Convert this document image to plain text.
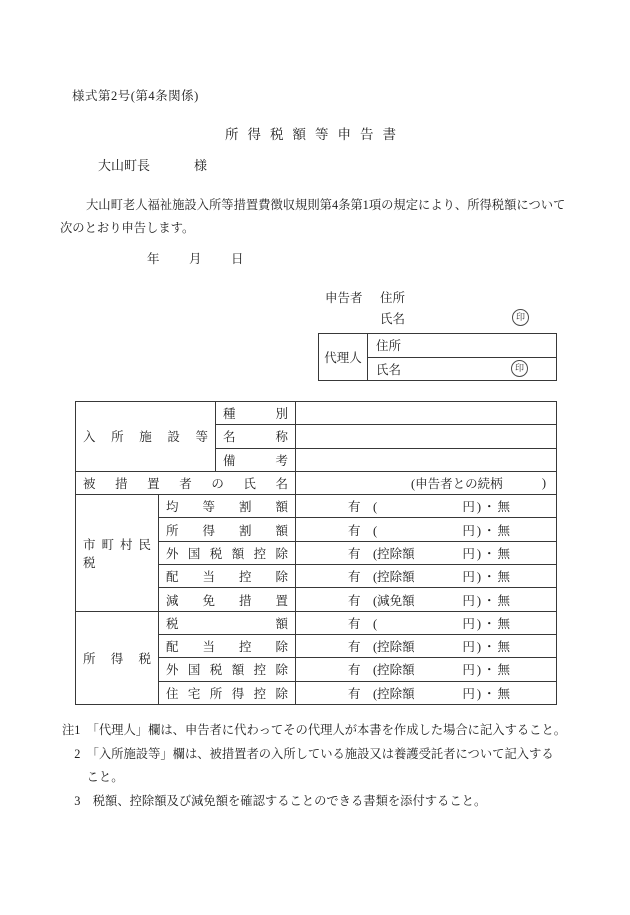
様式第2号(第4条関係)
所得税額等申告書
大山町長	様
大山町老人福祉施設入所等措置費徴収規則第4条第1項の規定により、所得税額について
次のとおり申告します。
年　　月　　日
申告者	住所
氏名	印
代理人	住所

氏名	印
入 所 施 設 等		種 別	
		名 称	
		備 考	
被 措 置 者 の 氏 名			(申告者との続柄 )

市 町 村 民 税	均 等 割 額		有　( 円)・無

	所 得 割 額		有　( 円)・無

	外 国 税 額 控 除		有　(控除額 円)・無

	配 当 控 除		有　(控除額 円)・無

	減 免 措 置		有　(減免額 円)・無

所 得 税	税 額		有　( 円)・無

	配 当 控 除		有　(控除額 円)・無

	外 国 税 額 控 除		有　(控除額 円)・無

	住 宅 所 得 控 除		有　(控除額 円)・無
注1　「代理人」欄は、申告者に代わってその代理人が本書を作成した場合に記入すること。
　2　「入所施設等」欄は、被措置者の入所している施設又は養護受託者について記入する
　　こと。
　3　税額、控除額及び減免額を確認することのできる書類を添付すること。
